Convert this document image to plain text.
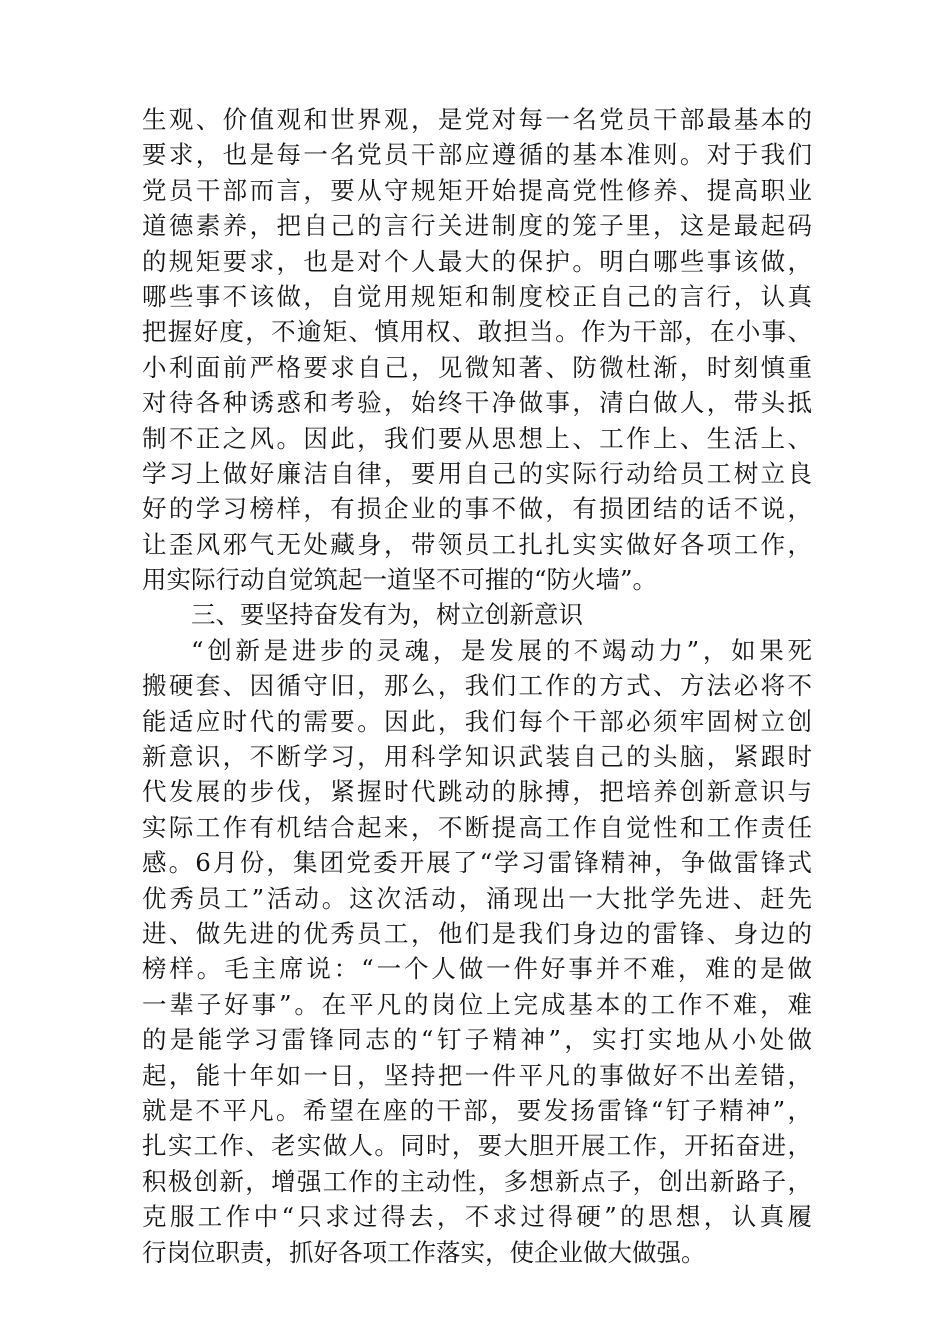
生观、价值观和世界观，是党对每一名党员干部最基本的
要求，也是每一名党员干部应遵循的基本准则。对于我们
党员干部而言，要从守规矩开始提高党性修养、提高职业
道德素养，把自己的言行关进制度的笼子里，这是最起码
的规矩要求，也是对个人最大的保护。明白哪些事该做，
哪些事不该做，自觉用规矩和制度校正自己的言行，认真
把握好度，不逾矩、慎用权、敢担当。作为干部，在小事、
小利面前严格要求自己，见微知著、防微杜渐，时刻慎重
对待各种诱惑和考验，始终干净做事，清白做人，带头抵
制不正之风。因此，我们要从思想上、工作上、生活上、
学习上做好廉洁自律，要用自己的实际行动给员工树立良
好的学习榜样，有损企业的事不做，有损团结的话不说，
让歪风邪气无处藏身，带领员工扎扎实实做好各项工作，
用实际行动自觉筑起一道坚不可摧的“防火墙”。
三、要坚持奋发有为，树立创新意识
“创新是进步的灵魂，是发展的不竭动力”，如果死
搬硬套、因循守旧，那么，我们工作的方式、方法必将不
能适应时代的需要。因此，我们每个干部必须牢固树立创
新意识，不断学习，用科学知识武装自己的头脑，紧跟时
代发展的步伐，紧握时代跳动的脉搏，把培养创新意识与
实际工作有机结合起来，不断提高工作自觉性和工作责任
感。6月份，集团党委开展了“学习雷锋精神，争做雷锋式
优秀员工”活动。这次活动，涌现出一大批学先进、赶先
进、做先进的优秀员工，他们是我们身边的雷锋、身边的
榜样。毛主席说：“一个人做一件好事并不难，难的是做
一辈子好事”。在平凡的岗位上完成基本的工作不难，难
的是能学习雷锋同志的“钉子精神”，实打实地从小处做
起，能十年如一日，坚持把一件平凡的事做好不出差错，
就是不平凡。希望在座的干部，要发扬雷锋“钉子精神”，
扎实工作、老实做人。同时，要大胆开展工作，开拓奋进，
积极创新，增强工作的主动性，多想新点子，创出新路子，
克服工作中“只求过得去，不求过得硬”的思想，认真履
行岗位职责，抓好各项工作落实，使企业做大做强。
